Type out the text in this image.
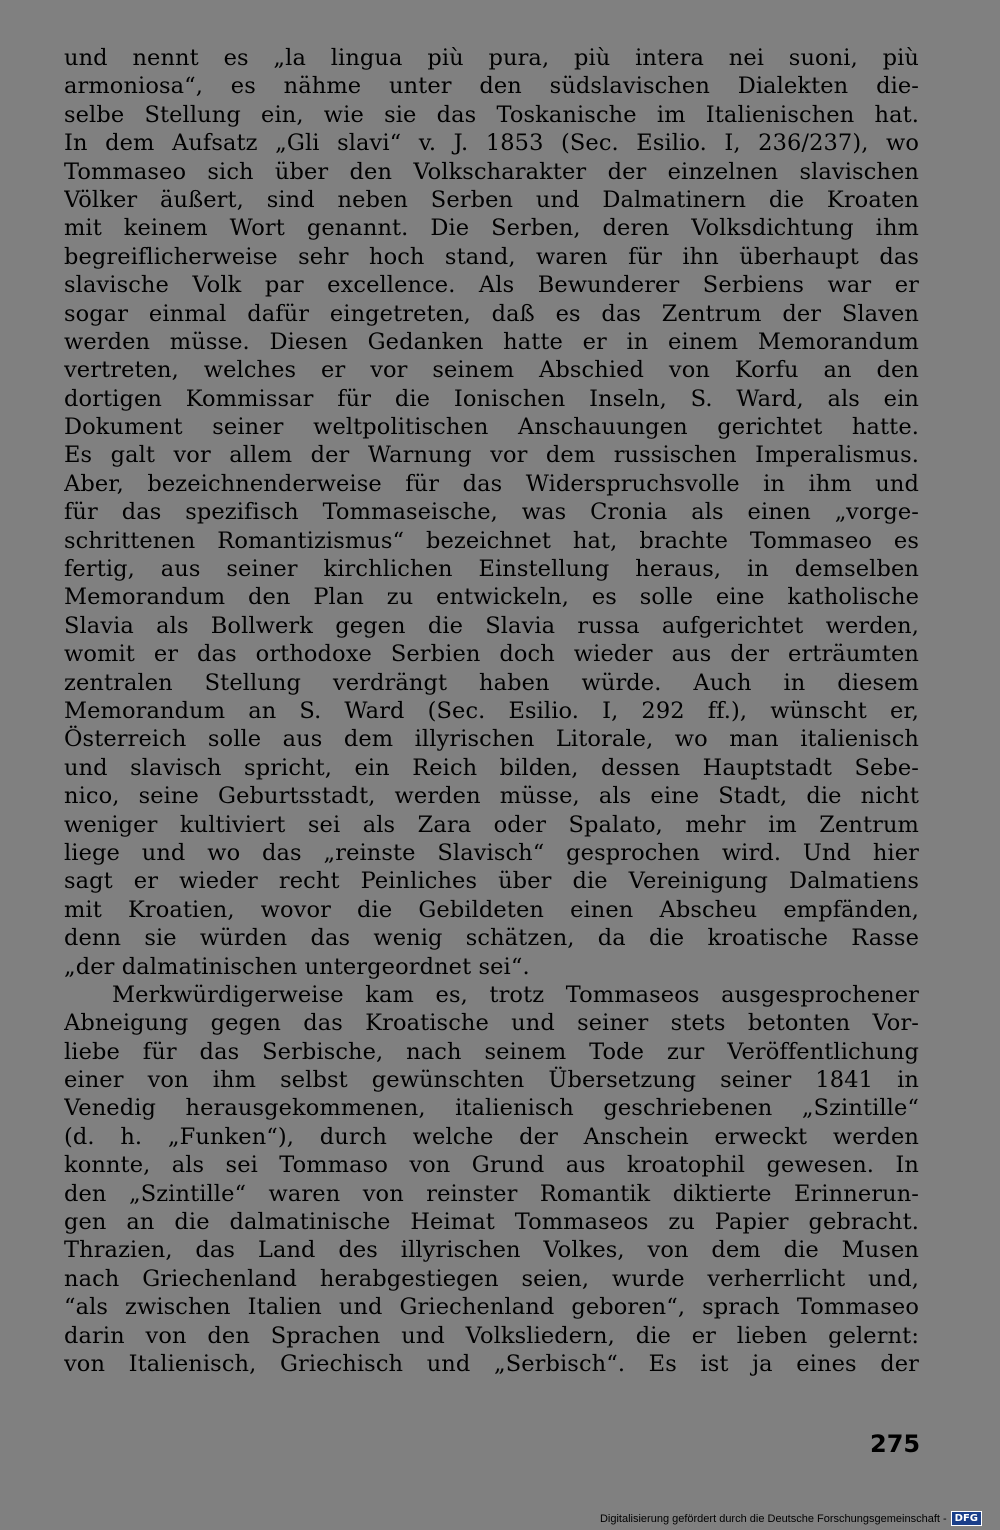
und nennt es „la lingua più pura, più intera nei suoni, più
armoniosa“, es nähme unter den südslavischen Dialekten die-
selbe Stellung ein, wie sie das Toskanische im Italienischen hat.
In dem Aufsatz „Gli slavi“ v. J. 1853 (Sec. Esilio. I, 236/237), wo
Tommaseo sich über den Volkscharakter der einzelnen slavischen
Völker äußert, sind neben Serben und Dalmatinern die Kroaten
mit keinem Wort genannt. Die Serben, deren Volksdichtung ihm
begreiflicherweise sehr hoch stand, waren für ihn überhaupt das
slavische Volk par excellence. Als Bewunderer Serbiens war er
sogar einmal dafür eingetreten, daß es das Zentrum der Slaven
werden müsse. Diesen Gedanken hatte er in einem Memorandum
vertreten, welches er vor seinem Abschied von Korfu an den
dortigen Kommissar für die Ionischen Inseln, S. Ward, als ein
Dokument seiner weltpolitischen Anschauungen gerichtet hatte.
Es galt vor allem der Warnung vor dem russischen Imperalismus.
Aber, bezeichnenderweise für das Widerspruchsvolle in ihm und
für das spezifisch Tommaseische, was Cronia als einen „vorge-
schrittenen Romantizismus“ bezeichnet hat, brachte Tommaseo es
fertig, aus seiner kirchlichen Einstellung heraus, in demselben
Memorandum den Plan zu entwickeln, es solle eine katholische
Slavia als Bollwerk gegen die Slavia russa aufgerichtet werden,
womit er das orthodoxe Serbien doch wieder aus der erträumten
zentralen Stellung verdrängt haben würde. Auch in diesem
Memorandum an S. Ward (Sec. Esilio. I, 292 ff.), wünscht er,
Österreich solle aus dem illyrischen Litorale, wo man italienisch
und slavisch spricht, ein Reich bilden, dessen Hauptstadt Sebe-
nico, seine Geburtsstadt, werden müsse, als eine Stadt, die nicht
weniger kultiviert sei als Zara oder Spalato, mehr im Zentrum
liege und wo das „reinste Slavisch“ gesprochen wird. Und hier
sagt er wieder recht Peinliches über die Vereinigung Dalmatiens
mit Kroatien, wovor die Gebildeten einen Abscheu empfänden,
denn sie würden das wenig schätzen, da die kroatische Rasse
„der dalmatinischen untergeordnet sei“.
Merkwürdigerweise kam es, trotz Tommaseos ausgesprochener
Abneigung gegen das Kroatische und seiner stets betonten Vor-
liebe für das Serbische, nach seinem Tode zur Veröffentlichung
einer von ihm selbst gewünschten Übersetzung seiner 1841 in
Venedig herausgekommenen, italienisch geschriebenen „Szintille“
(d. h. „Funken“), durch welche der Anschein erweckt werden
konnte, als sei Tommaso von Grund aus kroatophil gewesen. In
den „Szintille“ waren von reinster Romantik diktierte Erinnerun-
gen an die dalmatinische Heimat Tommaseos zu Papier gebracht.
Thrazien, das Land des illyrischen Volkes, von dem die Musen
nach Griechenland herabgestiegen seien, wurde verherrlicht und,
“als zwischen Italien und Griechenland geboren“, sprach Tommaseo
darin von den Sprachen und Volksliedern, die er lieben gelernt:
von Italienisch, Griechisch und „Serbisch“. Es ist ja eines der
275
Digitalisierung gefördert durch die Deutsche Forschungsgemeinschaft - DFG
